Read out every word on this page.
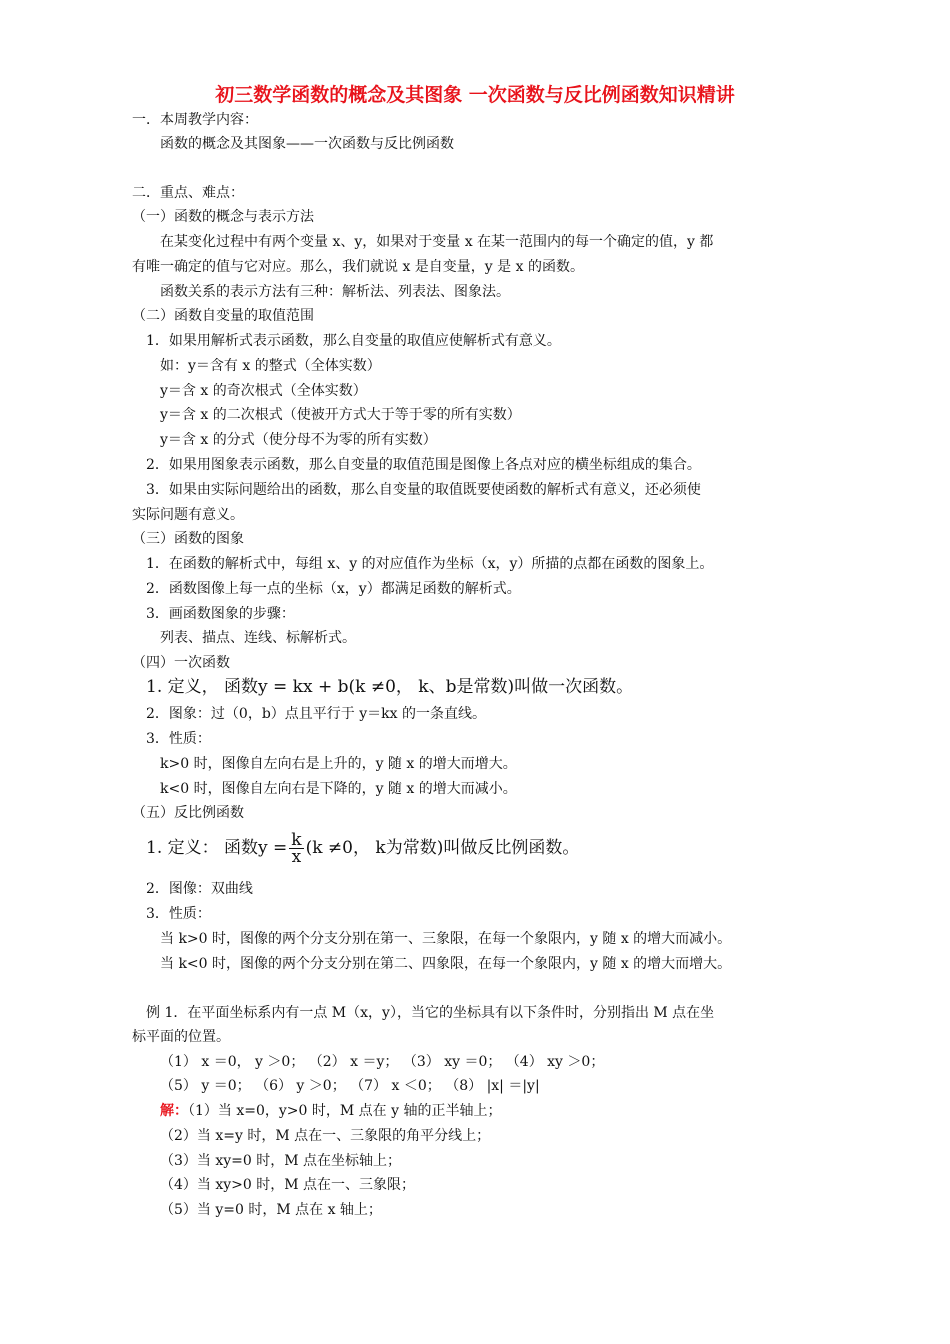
初三数学函数的概念及其图象 一次函数与反比例函数知识精讲
一．本周教学内容：
函数的概念及其图象——一次函数与反比例函数
二．重点、难点：
（一）函数的概念与表示方法
在某变化过程中有两个变量 x、y，如果对于变量 x 在某一范围内的每一个确定的值，y 都
有唯一确定的值与它对应。那么，我们就说 x 是自变量，y 是 x 的函数。
函数关系的表示方法有三种：解析法、列表法、图象法。
（二）函数自变量的取值范围
1．如果用解析式表示函数，那么自变量的取值应使解析式有意义。
如：y＝含有 x 的整式（全体实数）
y＝含 x 的奇次根式（全体实数）
y＝含 x 的二次根式（使被开方式大于等于零的所有实数）
y＝含 x 的分式（使分母不为零的所有实数）
2．如果用图象表示函数，那么自变量的取值范围是图像上各点对应的横坐标组成的集合。
3．如果由实际问题给出的函数，那么自变量的取值既要使函数的解析式有意义，还必须使
实际问题有意义。
（三）函数的图象
1．在函数的解析式中，每组 x、y 的对应值作为坐标（x，y）所描的点都在函数的图象上。
2．函数图像上每一点的坐标（x，y）都满足函数的解析式。
3．画函数图象的步骤：
列表、描点、连线、标解析式。
（四）一次函数
1. 定义， 函数y = kx + b(k ≠0， k、b是常数)叫做一次函数。
2．图象：过（0，b）点且平行于 y＝kx 的一条直线。
3．性质：
k>0 时，图像自左向右是上升的，y 随 x 的增大而增大。
k<0 时，图像自左向右是下降的，y 随 x 的增大而减小。
（五）反比例函数
1. 定义： 函数$y = \frac{k}{x} (k \ne 0$， k为常数)叫做反比例函数。
2．图像：双曲线
3．性质：
当 k>0 时，图像的两个分支分别在第一、三象限，在每一个象限内，y 随 x 的增大而减小。
当 k<0 时，图像的两个分支分别在第二、四象限，在每一个象限内，y 随 x 的增大而增大。
例 1．在平面坐标系内有一点 M（x，y），当它的坐标具有以下条件时，分别指出 M 点在坐
标平面的位置。
（1） x ＝0， y ＞0； （2） x ＝y； （3） xy ＝0； （4） xy ＞0；
（5） y ＝0； （6） y ＞0； （7） x ＜0； （8） |x| ＝|y|
解：（1）当 x=0，y>0 时，M 点在 y 轴的正半轴上；
（2）当 x=y 时，M 点在一、三象限的角平分线上；
（3）当 xy=0 时，M 点在坐标轴上；
（4）当 xy>0 时，M 点在一、三象限；
（5）当 y=0 时，M 点在 x 轴上；
